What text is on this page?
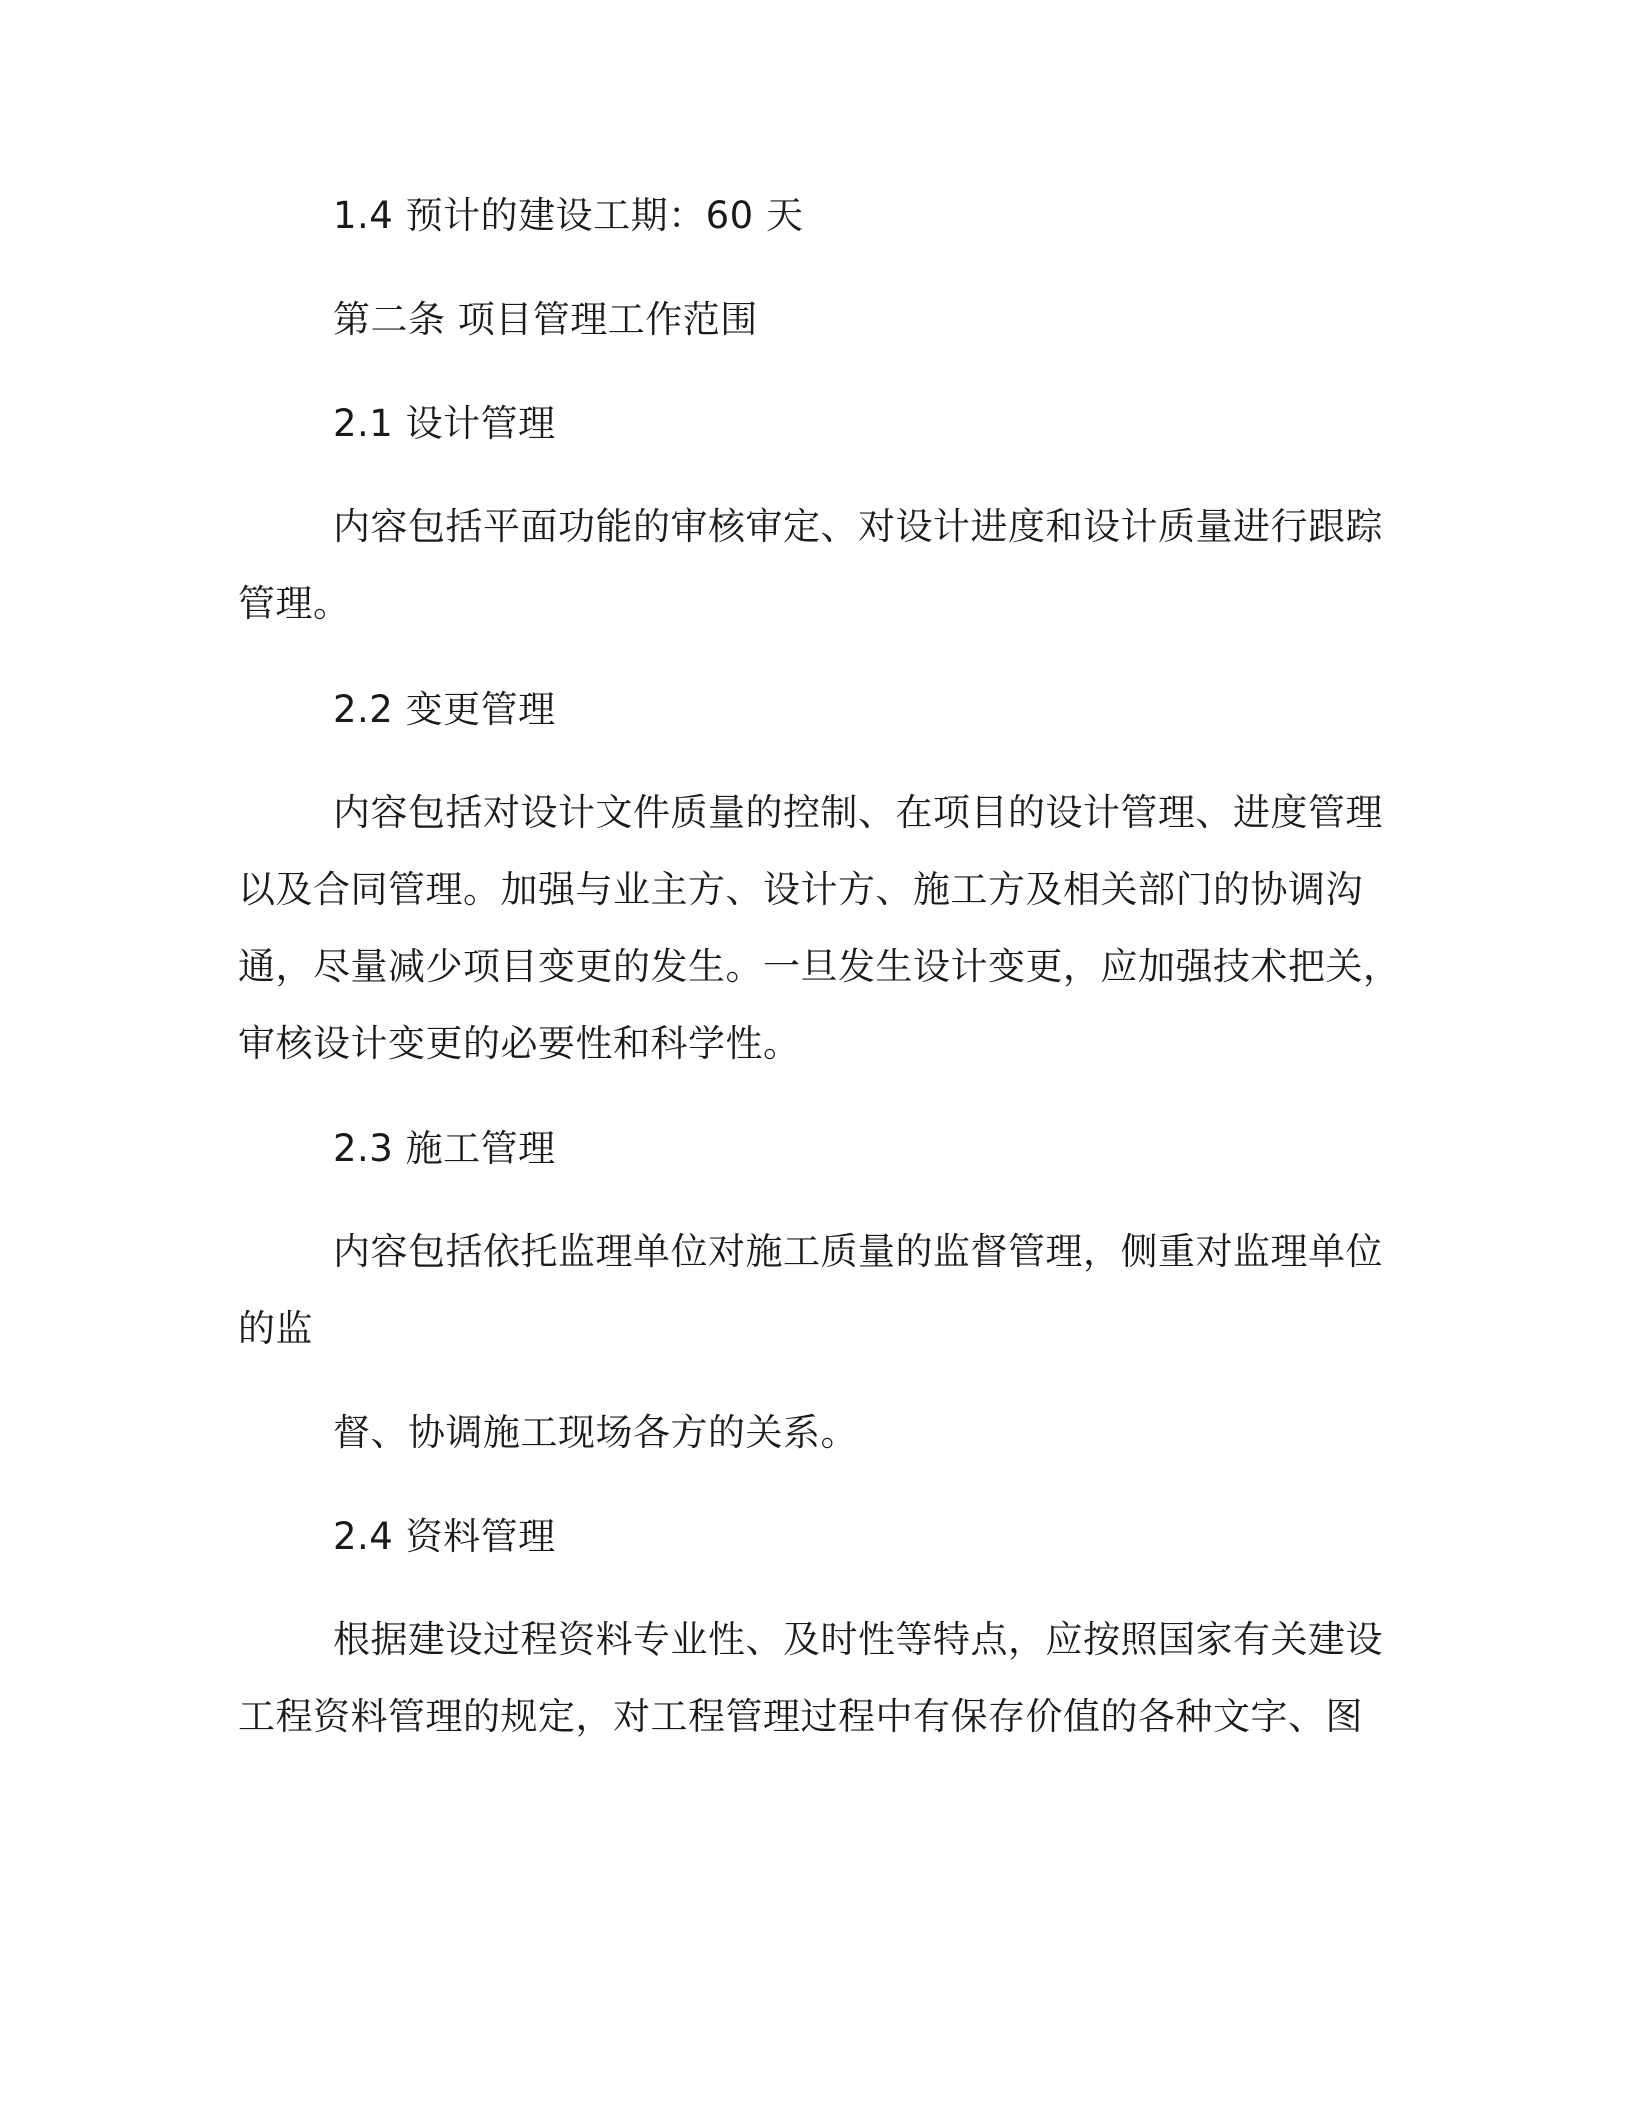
1.4 预计的建设工期：60 天
第二条 项目管理工作范围
2.1 设计管理
内容包括平面功能的审核审定、对设计进度和设计质量进行跟踪
管理。
2.2 变更管理
内容包括对设计文件质量的控制、在项目的设计管理、进度管理
以及合同管理。加强与业主方、设计方、施工方及相关部门的协调沟
通，尽量减少项目变更的发生。一旦发生设计变更，应加强技术把关，
审核设计变更的必要性和科学性。
2.3 施工管理
内容包括依托监理单位对施工质量的监督管理，侧重对监理单位
的监
督、协调施工现场各方的关系。
2.4 资料管理
根据建设过程资料专业性、及时性等特点，应按照国家有关建设
工程资料管理的规定，对工程管理过程中有保存价值的各种文字、图
